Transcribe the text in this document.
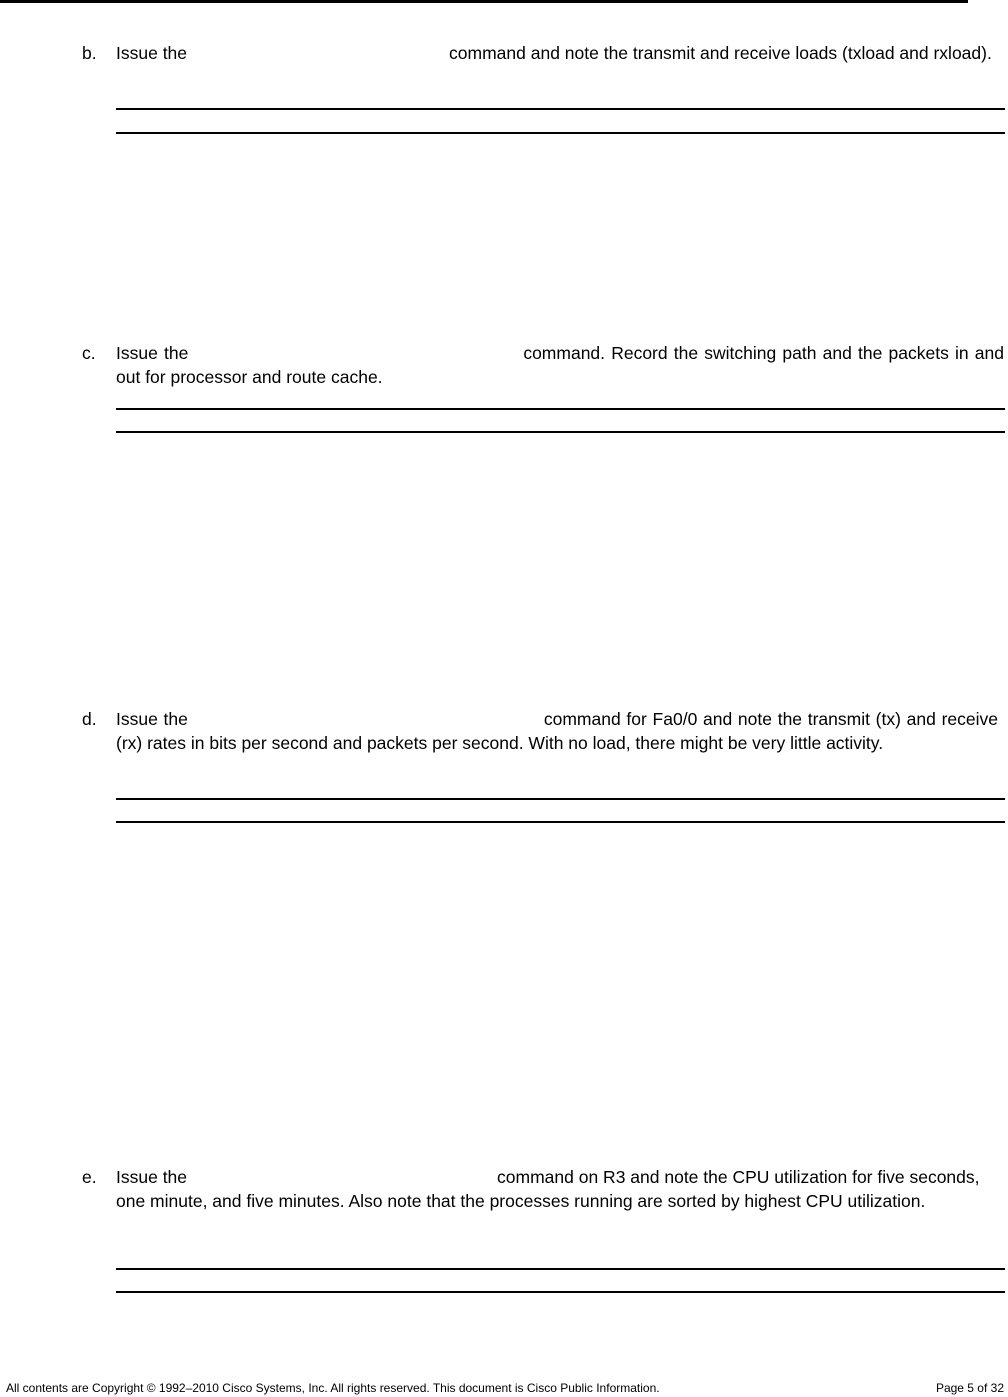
b. Issue the	command and note the transmit and receive loads (txload and rxload).
c. Issue the	command. Record the switching path and the packets in and out for processor and route cache.
d. Issue the	command for Fa0/0 and note the transmit (tx) and receive (rx) rates in bits per second and packets per second. With no load, there might be very little activity.
e. Issue the	command on R3 and note the CPU utilization for five seconds, one minute, and five minutes. Also note that the processes running are sorted by highest CPU utilization.
All contents are Copyright © 1992–2010 Cisco Systems, Inc. All rights reserved. This document is Cisco Public Information.	Page 5 of 32
